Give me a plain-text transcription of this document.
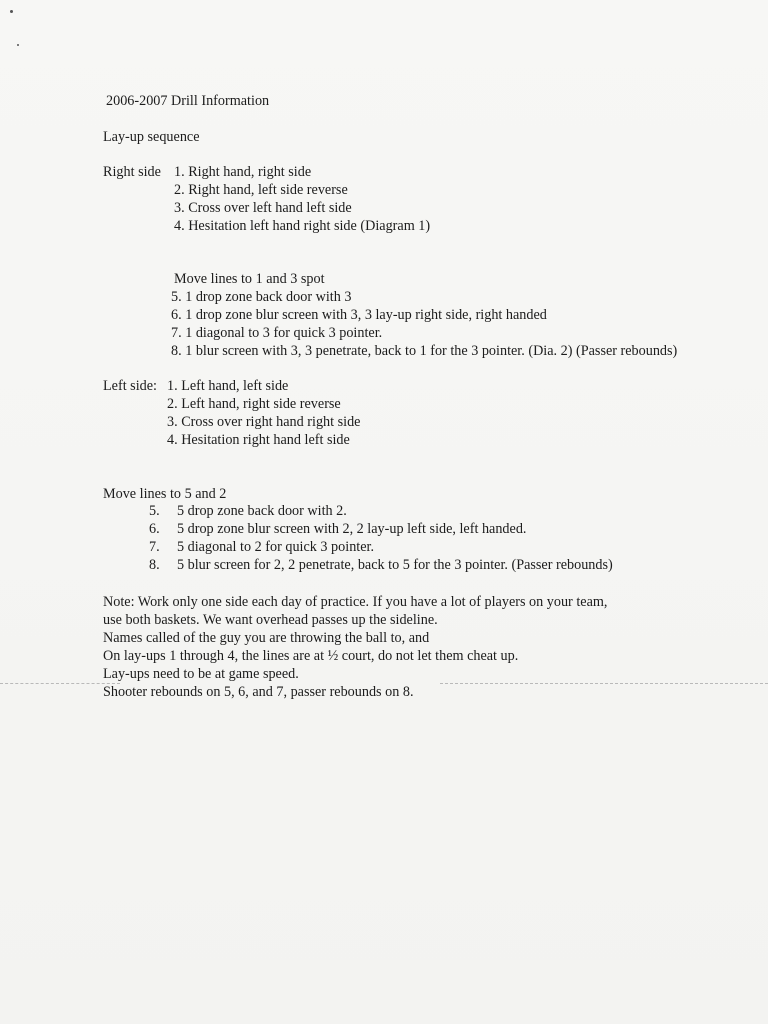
2006-2007 Drill Information
Lay-up sequence
Right side 1. Right hand, right side
2. Right hand, left side reverse
3. Cross over left hand left side
4. Hesitation left hand right side (Diagram 1)
Move lines to 1 and 3 spot
5. 1 drop zone back door with 3
6. 1 drop zone blur screen with 3, 3 lay-up right side, right handed
7. 1 diagonal to 3 for quick 3 pointer.
8. 1 blur screen with 3, 3 penetrate, back to 1 for the 3 pointer. (Dia. 2) (Passer rebounds)
Left side: 1. Left hand, left side
2. Left hand, right side reverse
3. Cross over right hand right side
4. Hesitation right hand left side
Move lines to 5 and 2
5. 5 drop zone back door with 2.
6. 5 drop zone blur screen with 2, 2 lay-up left side, left handed.
7. 5 diagonal to 2 for quick 3 pointer.
8. 5 blur screen for 2, 2 penetrate, back to 5 for the 3 pointer. (Passer rebounds)
Note: Work only one side each day of practice. If you have a lot of players on your team,
use both baskets. We want overhead passes up the sideline.
Names called of the guy you are throwing the ball to, and
On lay-ups 1 through 4, the lines are at ½ court, do not let them cheat up.
Lay-ups need to be at game speed.
Shooter rebounds on 5, 6, and 7, passer rebounds on 8.
